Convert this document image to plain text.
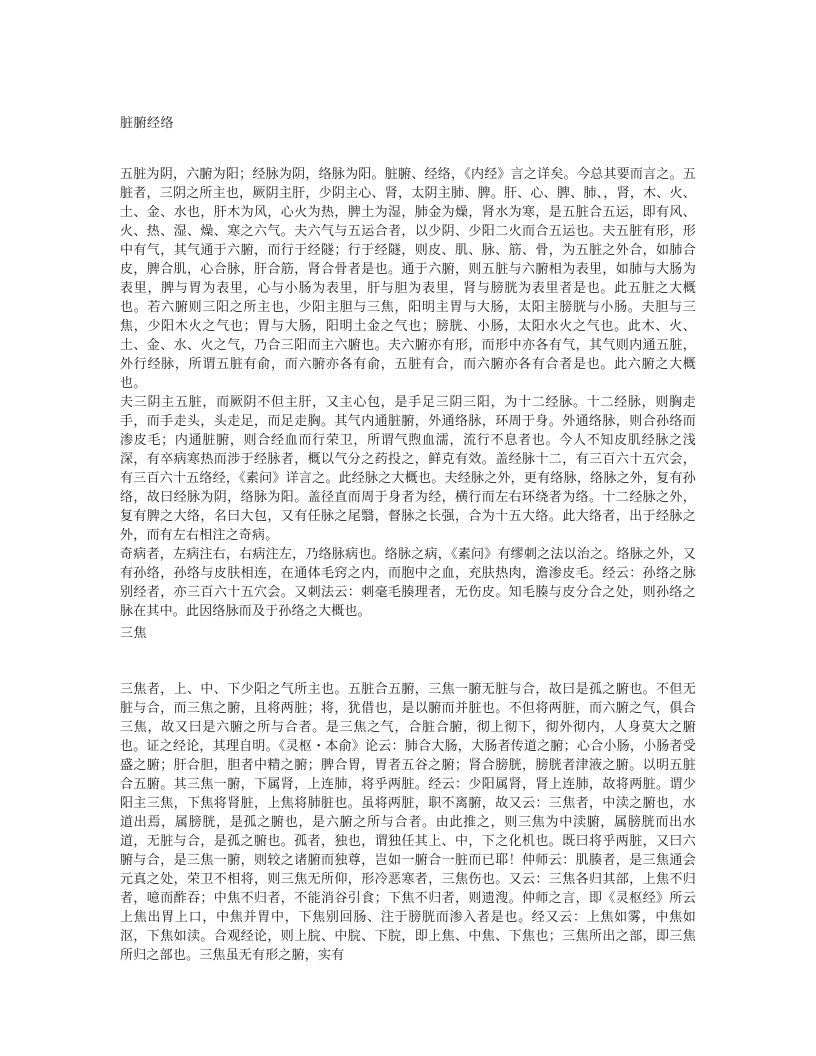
脏腑经络

五脏为阴，六腑为阳；经脉为阴，络脉为阳。脏腑、经络，《内经》言之详矣。今总其要而言之。五脏者，三阴之所主也，厥阴主肝，少阴主心、肾，太阴主肺、脾。肝、心、脾、肺、，肾，木、火、土、金、水也，肝木为风，心火为热，脾土为湿，肺金为燥，肾水为寒，是五脏合五运，即有风、火、热、湿、燥、寒之六气。夫六气与五运合者，以少阴、少阳二火而合五运也。夫五脏有形，形中有气，其气通于六腑，而行于经隧；行于经隧，则皮、肌、脉、筋、骨，为五脏之外合，如肺合皮，脾合肌，心合脉，肝合筋，肾合骨者是也。通于六腑，则五脏与六腑相为表里，如肺与大肠为表里，脾与胃为表里，心与小肠为表里，肝与胆为表里，肾与膀胱为表里者是也。此五脏之大概也。若六腑则三阳之所主也，少阳主胆与三焦，阳明主胃与大肠，太阳主膀胱与小肠。夫胆与三焦，少阳木火之气也；胃与大肠，阳明土金之气也；膀胱、小肠，太阳水火之气也。此木、火、土、金、水、火之气，乃合三阳而主六腑也。夫六腑亦有形，而形中亦各有气，其气则内通五脏，外行经脉，所谓五脏有俞，而六腑亦各有俞，五脏有合，而六腑亦各有合者是也。此六腑之大概也。

夫三阴主五脏，而厥阴不但主肝，又主心包，是手足三阴三阳，为十二经脉。十二经脉，则胸走手，而手走头，头走足，而足走胸。其气内通脏腑，外通络脉，环周于身。外通络脉，则合孙络而渗皮毛；内通脏腑，则合经血而行荣卫，所谓气煦血濡，流行不息者也。今人不知皮肌经脉之浅深，有卒病寒热而涉于经脉者，概以气分之药投之，鲜克有效。盖经脉十二，有三百六十五穴会，有三百六十五络经，《素问》详言之。此经脉之大概也。夫经脉之外，更有络脉，络脉之外，复有孙络，故曰经脉为阴，络脉为阳。盖径直而周于身者为经，横行而左右环绕者为络。十二经脉之外，复有脾之大络，名曰大包，又有任脉之尾翳，督脉之长强，合为十五大络。此大络者，出于经脉之外，而有左右相注之奇病。

奇病者，左病注右，右病注左，乃络脉病也。络脉之病，《素问》有缪刺之法以治之。络脉之外，又有孙络，孙络与皮肤相连，在通体毛窍之内，而胞中之血，充肤热肉，澹渗皮毛。经云：孙络之脉别经者，亦三百六十五穴会。又刺法云：刺毫毛腠理者，无伤皮。知毛腠与皮分合之处，则孙络之脉在其中。此因络脉而及于孙络之大概也。

三焦

三焦者，上、中、下少阳之气所主也。五脏合五腑，三焦一腑无脏与合，故曰是孤之腑也。不但无脏与合，而三焦之腑，且将两脏；将，犹借也，是以腑而并脏也。不但将两脏，而六腑之气，俱合三焦，故又曰是六腑之所与合者。是三焦之气，合脏合腑，彻上彻下，彻外彻内，人身莫大之腑也。证之经论，其理自明。《灵枢・本俞》论云：肺合大肠，大肠者传道之腑；心合小肠，小肠者受盛之腑；肝合胆，胆者中精之腑；脾合胃，胃者五谷之腑；肾合膀胱，膀胱者津液之腑。以明五脏合五腑。其三焦一腑，下属肾，上连肺，将乎两脏。经云：少阳属肾，肾上连肺，故将两脏。谓少阳主三焦，下焦将肾脏，上焦将肺脏也。虽将两脏，职不离腑，故又云：三焦者，中渎之腑也，水道出焉，属膀胱，是孤之腑也，是六腑之所与合者。由此推之，则三焦为中渎腑，属膀胱而出水道，无脏与合，是孤之腑也。孤者，独也，谓独任其上、中，下之化机也。既曰将乎两脏，又曰六腑与合，是三焦一腑，则较之诸腑而独尊，岂如一腑合一脏而已耶！仲师云：肌腠者，是三焦通会元真之处，荣卫不相将，则三焦无所仰，形冷恶寒者，三焦伤也。又云：三焦各归其部，上焦不归者，噫而酢吞；中焦不归者，不能消谷引食；下焦不归者，则遗溲。仲师之言，即《灵枢经》所云上焦出胃上口，中焦并胃中，下焦别回肠、注于膀胱而渗入者是也。经又云：上焦如雾，中焦如沤，下焦如渎。合观经论，则上脘、中脘、下脘，即上焦、中焦、下焦也；三焦所出之部，即三焦所归之部也。三焦虽无有形之腑，实有
